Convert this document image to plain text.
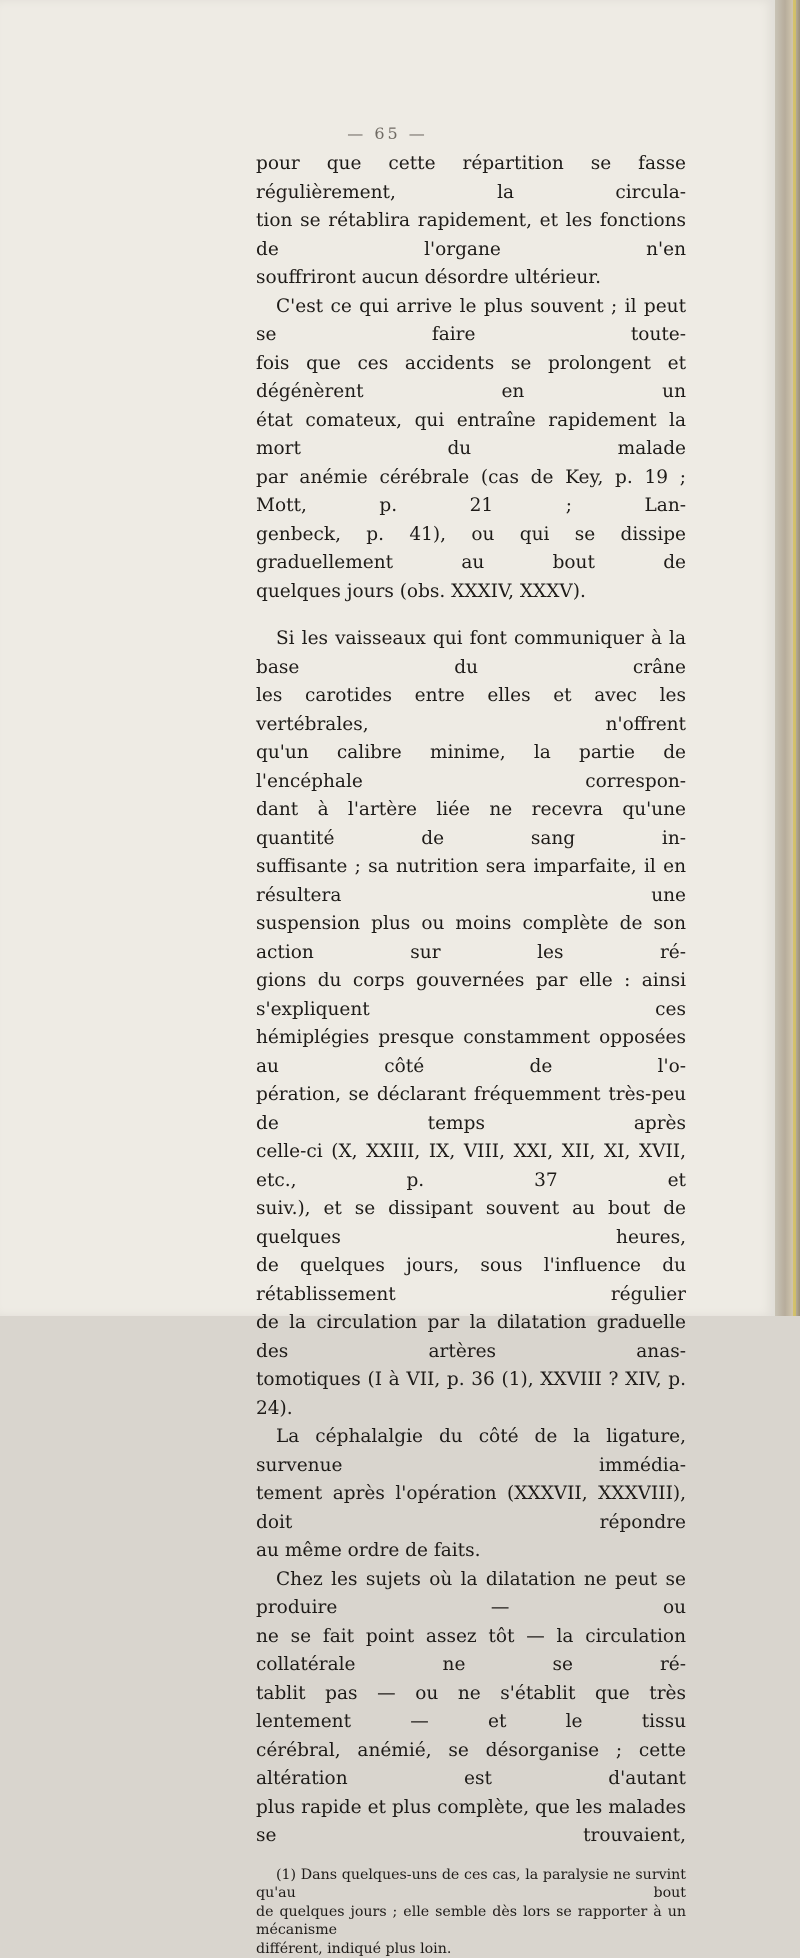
— 65 —

pour que cette répartition se fasse régulièrement, la circula-
tion se rétablira rapidement, et les fonctions de l'organe n'en
souffriront aucun désordre ultérieur.

C'est ce qui arrive le plus souvent ; il peut se faire toute-
fois que ces accidents se prolongent et dégénèrent en un
état comateux, qui entraîne rapidement la mort du malade
par anémie cérébrale (cas de Key, p. 19 ; Mott, p. 21 ; Lan-
genbeck, p. 41), ou qui se dissipe graduellement au bout de
quelques jours (obs. XXXIV, XXXV).

Si les vaisseaux qui font communiquer à la base du crâne
les carotides entre elles et avec les vertébrales, n'offrent
qu'un calibre minime, la partie de l'encéphale correspon-
dant à l'artère liée ne recevra qu'une quantité de sang in-
suffisante ; sa nutrition sera imparfaite, il en résultera une
suspension plus ou moins complète de son action sur les ré-
gions du corps gouvernées par elle : ainsi s'expliquent ces
hémiplégies presque constamment opposées au côté de l'o-
pération, se déclarant fréquemment très-peu de temps après
celle-ci (X, XXIII, IX, VIII, XXI, XII, XI, XVII, etc., p. 37 et
suiv.), et se dissipant souvent au bout de quelques heures,
de quelques jours, sous l'influence du rétablissement régulier
de la circulation par la dilatation graduelle des artères anas-
tomotiques (I à VII, p. 36 (1), XXVIII ? XIV, p. 24).

La céphalalgie du côté de la ligature, survenue immédia-
tement après l'opération (XXXVII, XXXVIII), doit répondre
au même ordre de faits.

Chez les sujets où la dilatation ne peut se produire — ou
ne se fait point assez tôt — la circulation collatérale ne se ré-
tablit pas — ou ne s'établit que très lentement — et le tissu
cérébral, anémié, se désorganise ; cette altération est d'autant
plus rapide et plus complète, que les malades se trouvaient,

(1) Dans quelques-uns de ces cas, la paralysie ne survint qu'au bout
de quelques jours ; elle semble dès lors se rapporter à un mécanisme
différent, indiqué plus loin.
